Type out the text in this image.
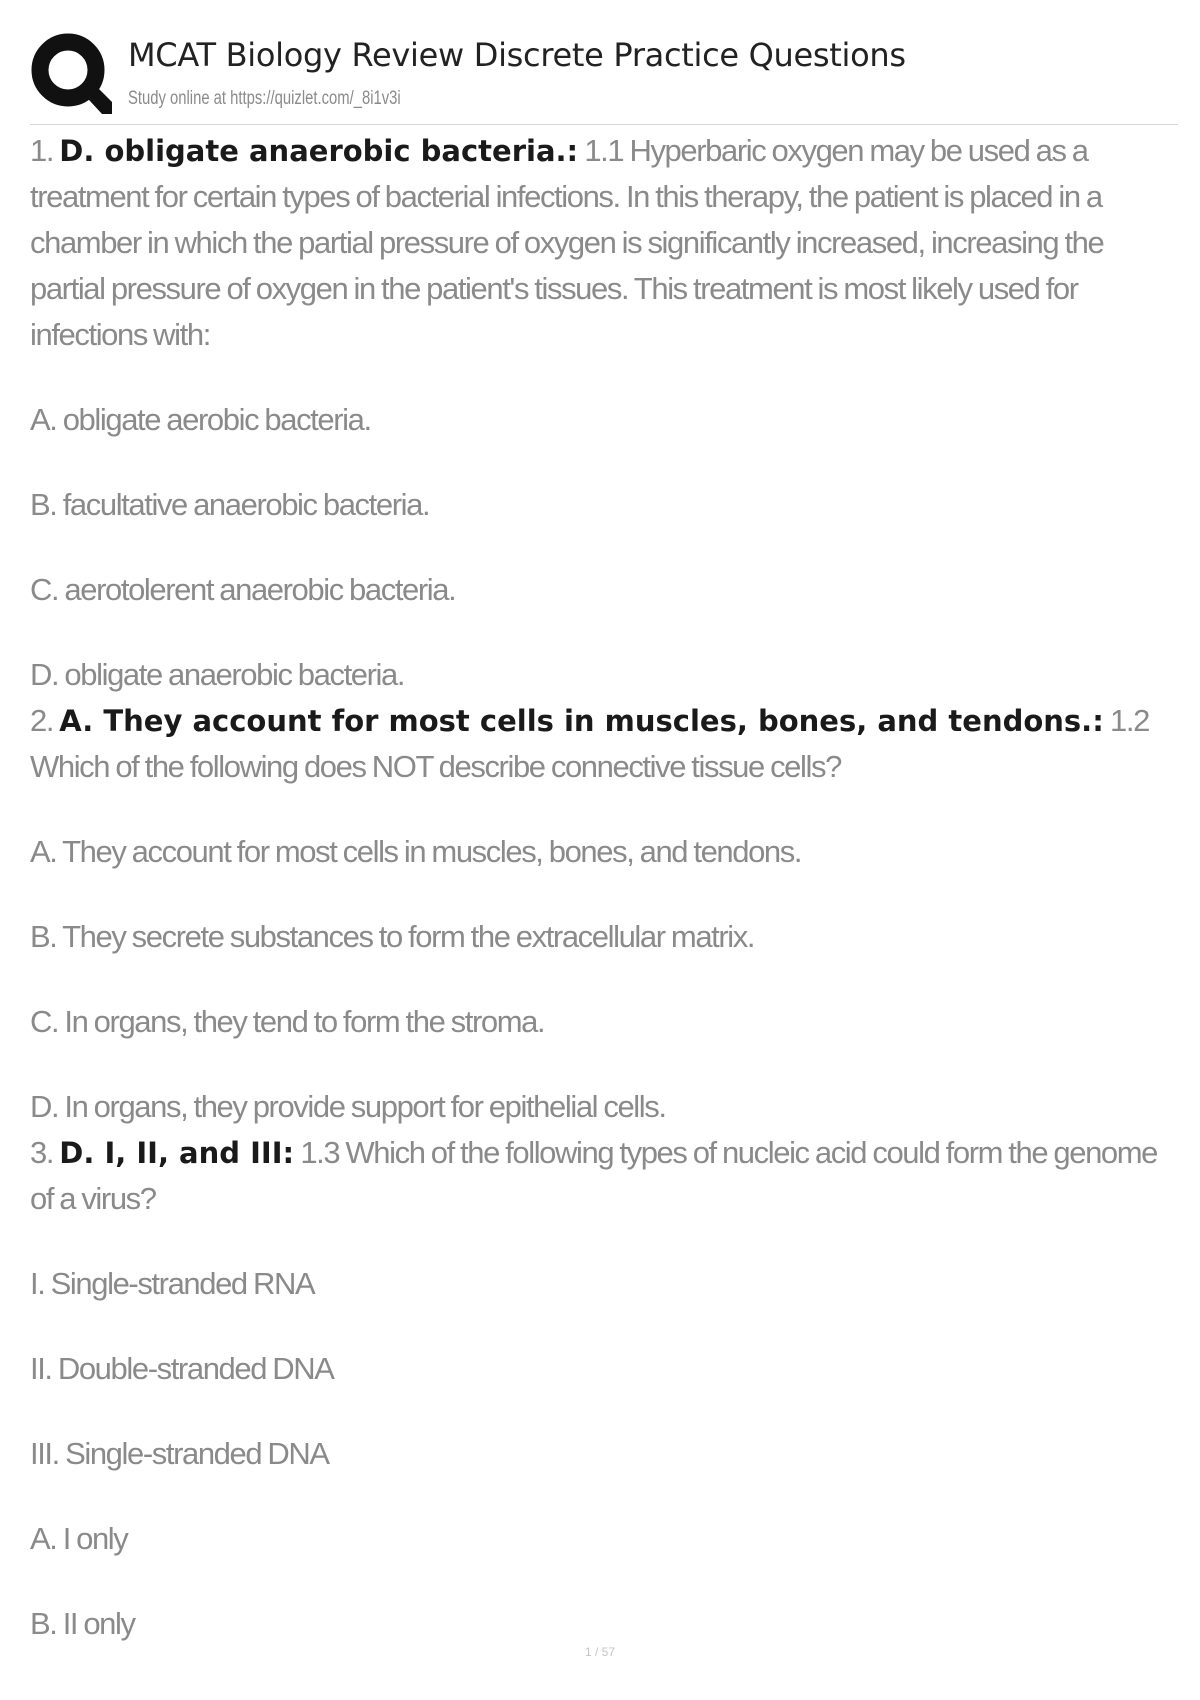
MCAT Biology Review Discrete Practice Questions
Study online at https://quizlet.com/_8i1v3i
1. D. obligate anaerobic bacteria.: 1.1 Hyperbaric oxygen may be used as a treatment for certain types of bacterial infections. In this therapy, the patient is placed in a chamber in which the partial pressure of oxygen is significantly increased, increasing the partial pressure of oxygen in the patient's tissues. This treatment is most likely used for infections with:
A. obligate aerobic bacteria.
B. facultative anaerobic bacteria.
C. aerotolerent anaerobic bacteria.
D. obligate anaerobic bacteria.
2. A. They account for most cells in muscles, bones, and tendons.: 1.2 Which of the following does NOT describe connective tissue cells?
A. They account for most cells in muscles, bones, and tendons.
B. They secrete substances to form the extracellular matrix.
C. In organs, they tend to form the stroma.
D. In organs, they provide support for epithelial cells.
3. D. I, II, and III: 1.3 Which of the following types of nucleic acid could form the genome of a virus?
I. Single-stranded RNA
II. Double-stranded DNA
III. Single-stranded DNA
A. I only
B. II only
1 / 57
